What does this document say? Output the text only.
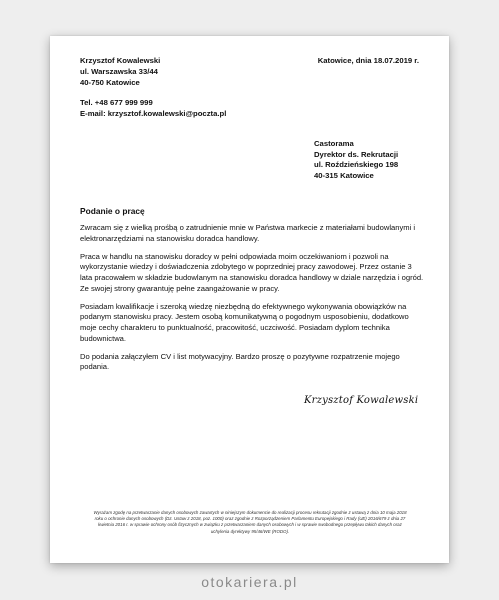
Krzysztof Kowalewski
ul. Warszawska 33/44
40-750 Katowice
Tel. +48 677 999 999
E-mail: krzysztof.kowalewski@poczta.pl
Katowice, dnia 18.07.2019 r.
Castorama
Dyrektor ds. Rekrutacji
ul. Roździeńskiego 198
40-315 Katowice
Podanie o pracę

Zwracam się z wielką prośbą o zatrudnienie mnie w Państwa markecie z materiałami budowlanymi i elektronarzędziami na stanowisku doradca handlowy.

Praca w handlu na stanowisku doradcy w pełni odpowiada moim oczekiwaniom i pozwoli na wykorzystanie wiedzy i doświadczenia zdobytego w poprzedniej pracy zawodowej. Przez ostanie 3 lata pracowałem w składzie budowlanym na stanowisku doradca handlowy w dziale narzędzia i ogród. Ze swojej strony gwarantuję pełne zaangażowanie w pracy.

Posiadam kwalifikacje i szeroką wiedzę niezbędną do efektywnego wykonywania obowiązków na podanym stanowisku pracy. Jestem osobą komunikatywną o pogodnym usposobieniu, dodatkowo moje cechy charakteru to punktualność, pracowitość, uczciwość. Posiadam dyplom technika budownictwa.

Do podania załączyłem CV i list motywacyjny. Bardzo proszę o pozytywne rozpatrzenie mojego podania.

Krzysztof Kowalewski
Wyrażam zgodę na przetwarzanie danych osobowych zawartych w niniejszym dokumencie do realizacji procesu rekrutacji zgodnie z ustawą z dnia 10 maja 2018 roku o ochronie danych osobowych (Dz. Ustaw z 2018, poz. 1000) oraz zgodnie z Rozporządzeniem Parlamentu Europejskiego i Rady (UE) 2016/679 z dnia 27 kwietnia 2016 r. w sprawie ochrony osób fizycznych w związku z przetwarzaniem danych osobowych i w sprawie swobodnego przepływu takich danych oraz uchylenia dyrektywy 95/46/WE (RODO).
otokariera.pl
